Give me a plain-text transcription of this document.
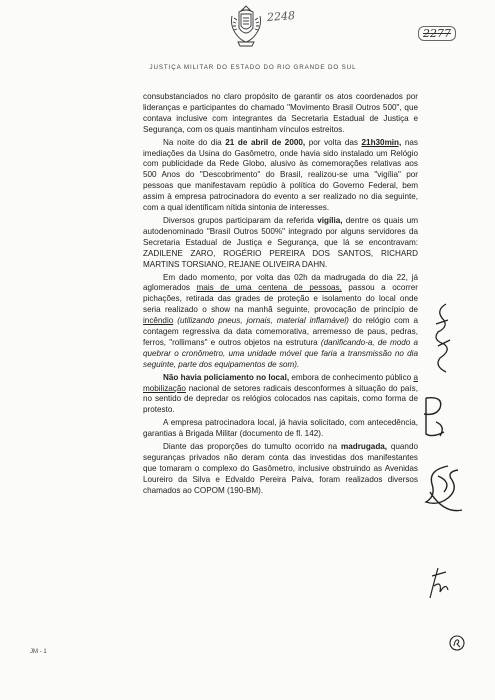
2248
2277
JUSTIÇA MILITAR DO ESTADO DO RIO GRANDE DO SUL

consubstanciados no claro propósito de garantir os atos coordenados por lideranças e participantes do chamado "Movimento Brasil Outros 500", que contava inclusive com integrantes da Secretaria Estadual de Justiça e Segurança, com os quais mantinham vínculos estreitos.

Na noite do dia 21 de abril de 2000, por volta das 21h30min, nas imediações da Usina do Gasômetro, onde havia sido instalado um Relógio com publicidade da Rede Globo, alusivo às comemorações relativas aos 500 Anos do "Descobrimento" do Brasil, realizou-se uma "vigília" por pessoas que manifestavam repúdio à política do Governo Federal, bem assim à empresa patrocinadora do evento a ser realizado no dia seguinte, com a qual identificam nítida sintonia de interesses.

Diversos grupos participaram da referida vigília, dentre os quais um autodenominado "Brasil Outros 500%" integrado por alguns servidores da Secretaria Estadual de Justiça e Segurança, que lá se encontravam: ZADILENE ZARO, ROGÉRIO PEREIRA DOS SANTOS, RICHARD MARTINS TORSIANO, REJANE OLIVEIRA DAHN.

Em dado momento, por volta das 02h da madrugada do dia 22, já aglomerados mais de uma centena de pessoas, passou a ocorrer pichações, retirada das grades de proteção e isolamento do local onde seria realizado o show na manhã seguinte, provocação de princípio de incêndio (utilizando pneus, jornais, material inflamável) do relógio com a contagem regressiva da data comemorativa, arremesso de paus, pedras, ferros, "rollimans" e outros objetos na estrutura (danificando-a, de modo a quebrar o cronômetro, uma unidade móvel que faria a transmissão no dia seguinte, parte dos equipamentos de som).

Não havia policiamento no local, embora de conhecimento público a mobilização nacional de setores radicais desconformes à situação do país, no sentido de depredar os relógios colocados nas capitais, como forma de protesto.

A empresa patrocinadora local, já havia solicitado, com antecedência, garantias à Brigada Militar (documento de fl. 142).

Diante das proporções do tumulto ocorrido na madrugada, quando seguranças privados não deram conta das investidas dos manifestantes que tomaram o complexo do Gasômetro, inclusive obstruindo as Avenidas Loureiro da Silva e Edvaldo Pereira Paiva, foram realizados diversos chamados ao COPOM (190-BM).

JM - 1
